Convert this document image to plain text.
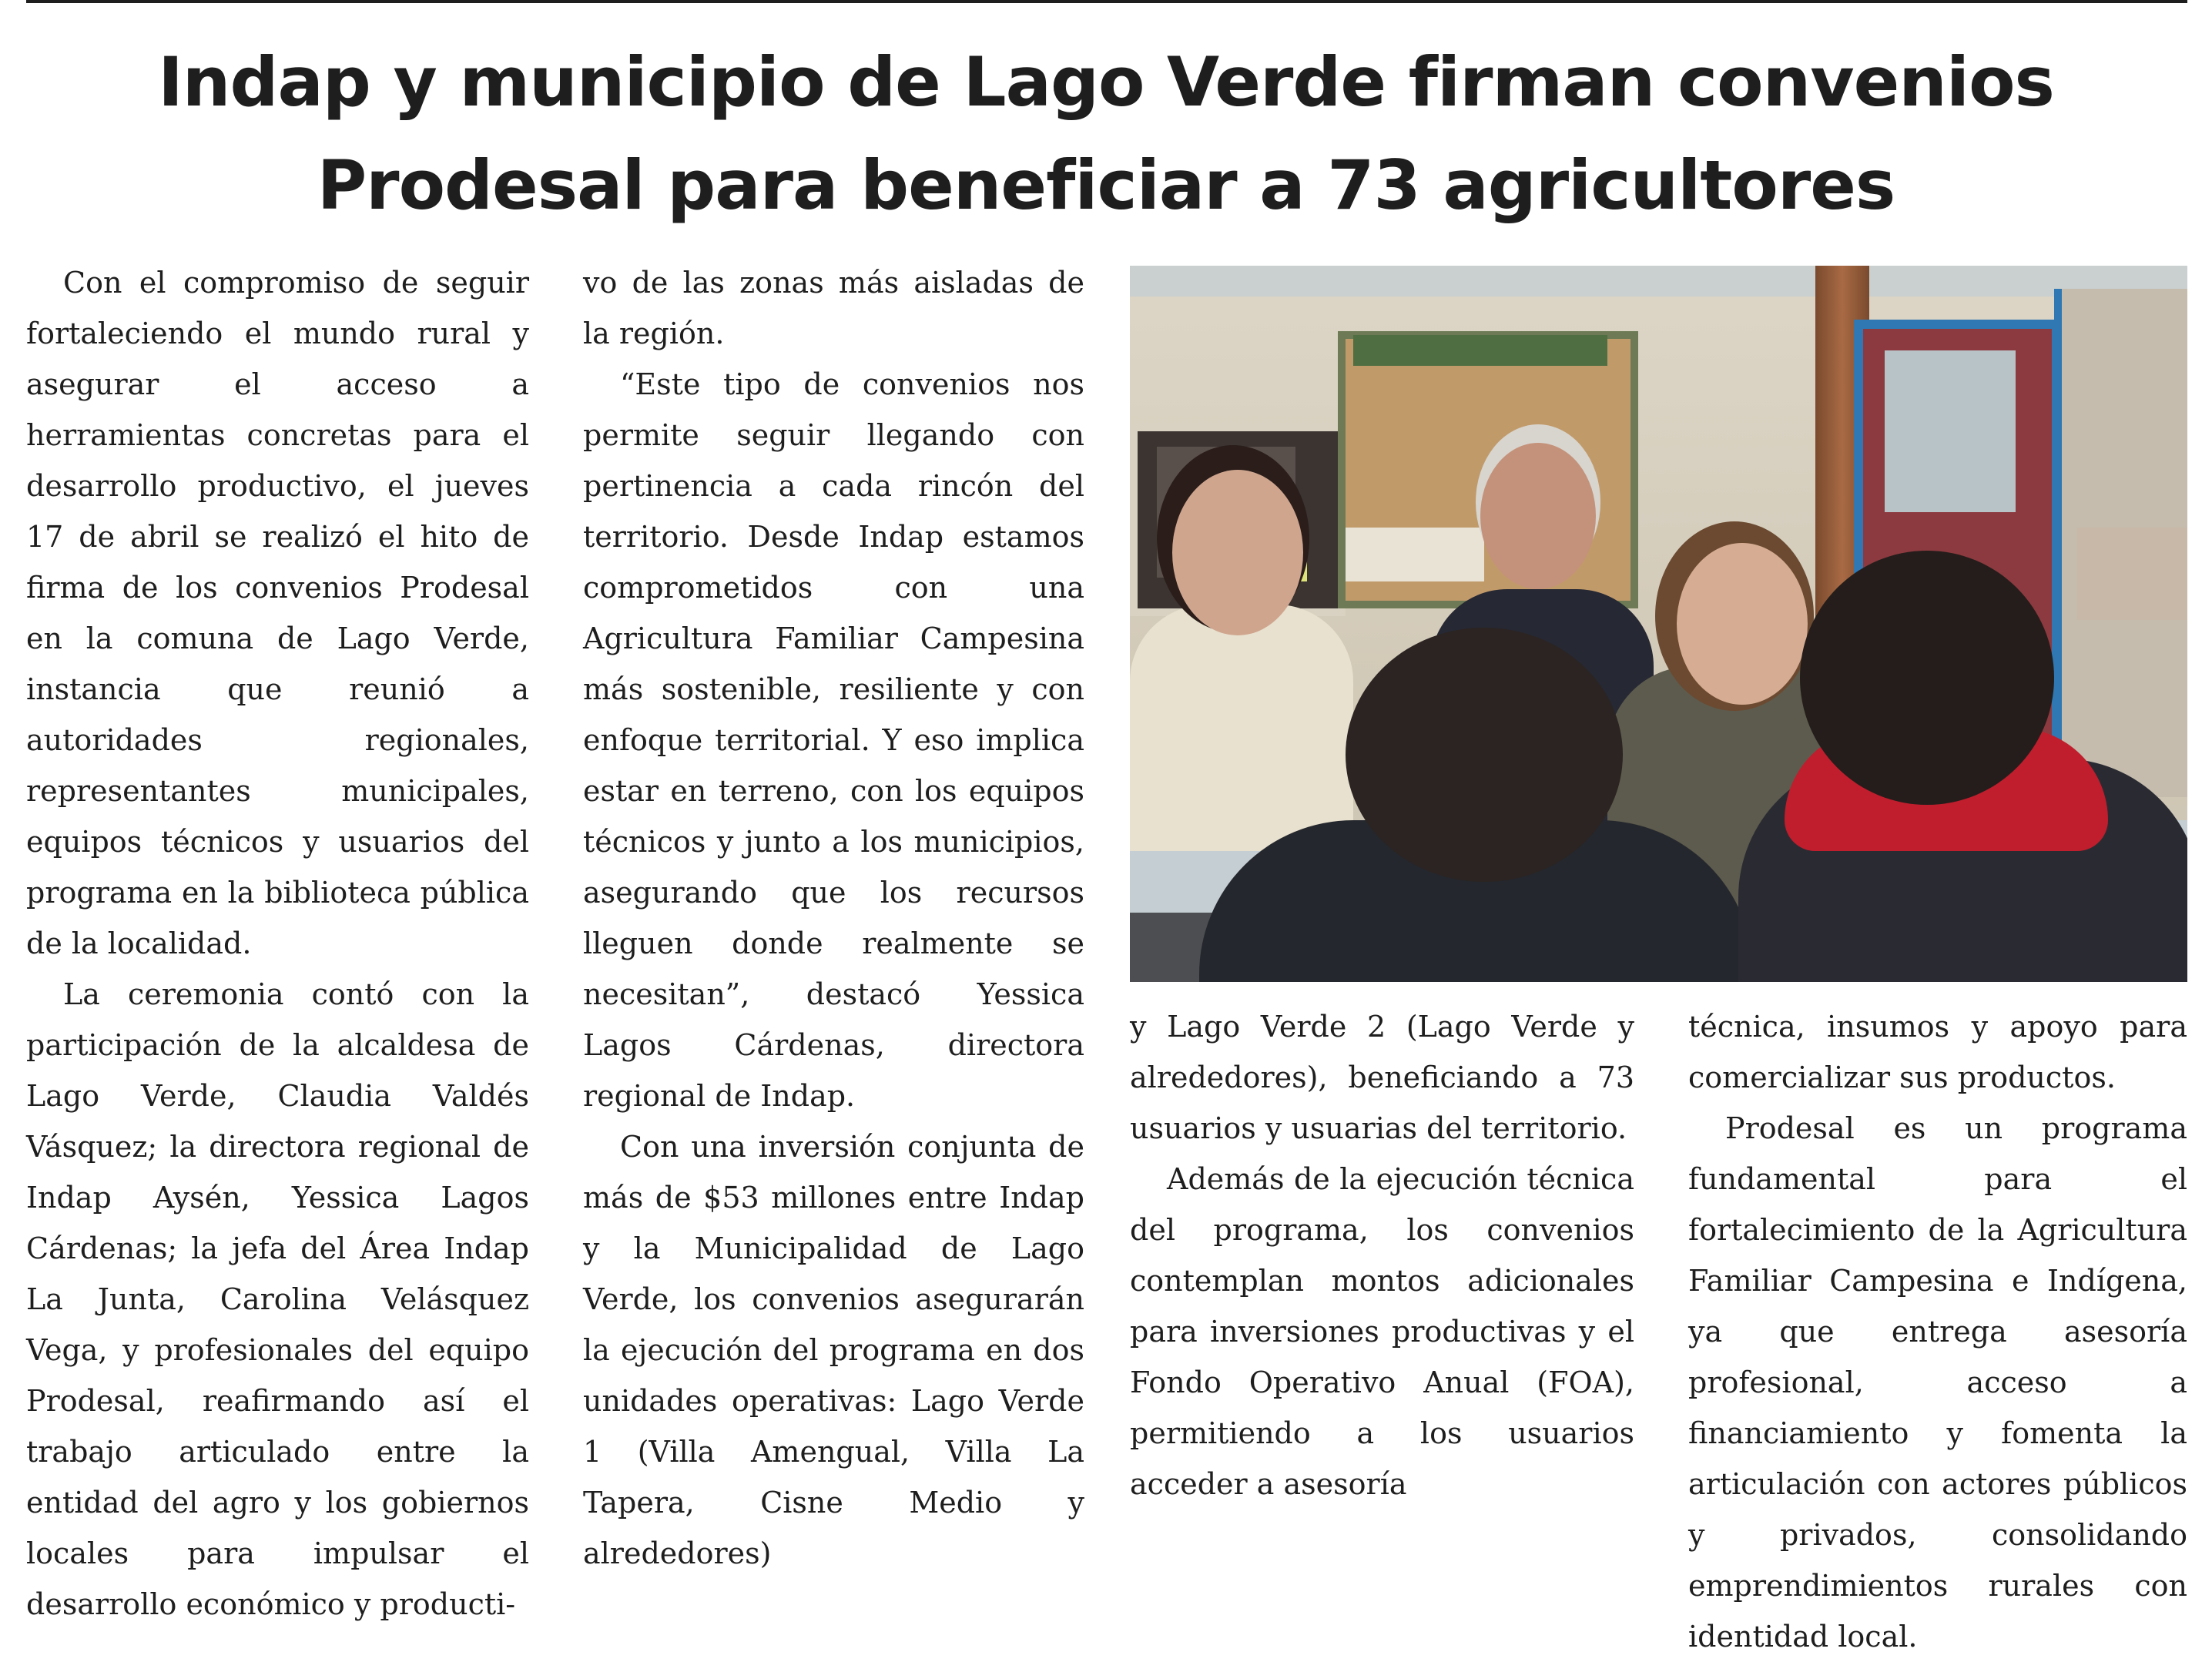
Indap y municipio de Lago Verde firman convenios
Prodesal para beneficiar a 73 agricultores

Con el compromiso de seguir fortaleciendo el mundo rural y asegurar el acceso a herramientas concretas para el desarrollo productivo, el jueves 17 de abril se realizó el hito de firma de los convenios Prodesal en la comuna de Lago Verde, instancia que reunió a autoridades regionales, representantes municipales, equipos técnicos y usuarios del programa en la biblioteca pública de la localidad.

La ceremonia contó con la participación de la alcaldesa de Lago Verde, Claudia Valdés Vásquez; la directora regional de Indap Aysén, Yessica Lagos Cárdenas; la jefa del Área Indap La Junta, Carolina Velásquez Vega, y profesionales del equipo Prodesal, reafirmando así el trabajo articulado entre la entidad del agro y los gobiernos locales para impulsar el desarrollo económico y producti-

vo de las zonas más aisladas de la región.

“Este tipo de convenios nos permite seguir llegando con pertinencia a cada rincón del territorio. Desde Indap estamos comprometidos con una Agricultura Familiar Campesina más sostenible, resiliente y con enfoque territorial. Y eso implica estar en terreno, con los equipos técnicos y junto a los municipios, asegurando que los recursos lleguen donde realmente se necesitan”, destacó Yessica Lagos Cárdenas, directora regional de Indap.

Con una inversión conjunta de más de $53 millones entre Indap y la Municipalidad de Lago Verde, los convenios asegurarán la ejecución del programa en dos unidades operativas: Lago Verde 1 (Villa Amengual, Villa La Tapera, Cisne Medio y alrededores)

y Lago Verde 2 (Lago Verde y alrededores), beneficiando a 73 usuarios y usuarias del territorio.

Además de la ejecución técnica del programa, los convenios contemplan montos adicionales para inversiones productivas y el Fondo Operativo Anual (FOA), permitiendo a los usuarios acceder a asesoría

técnica, insumos y apoyo para comercializar sus productos.

Prodesal es un programa fundamental para el fortalecimiento de la Agricultura Familiar Campesina e Indígena, ya que entrega asesoría profesional, acceso a financiamiento y fomenta la articulación con actores públicos y privados, consolidando emprendimientos rurales con identidad local.
